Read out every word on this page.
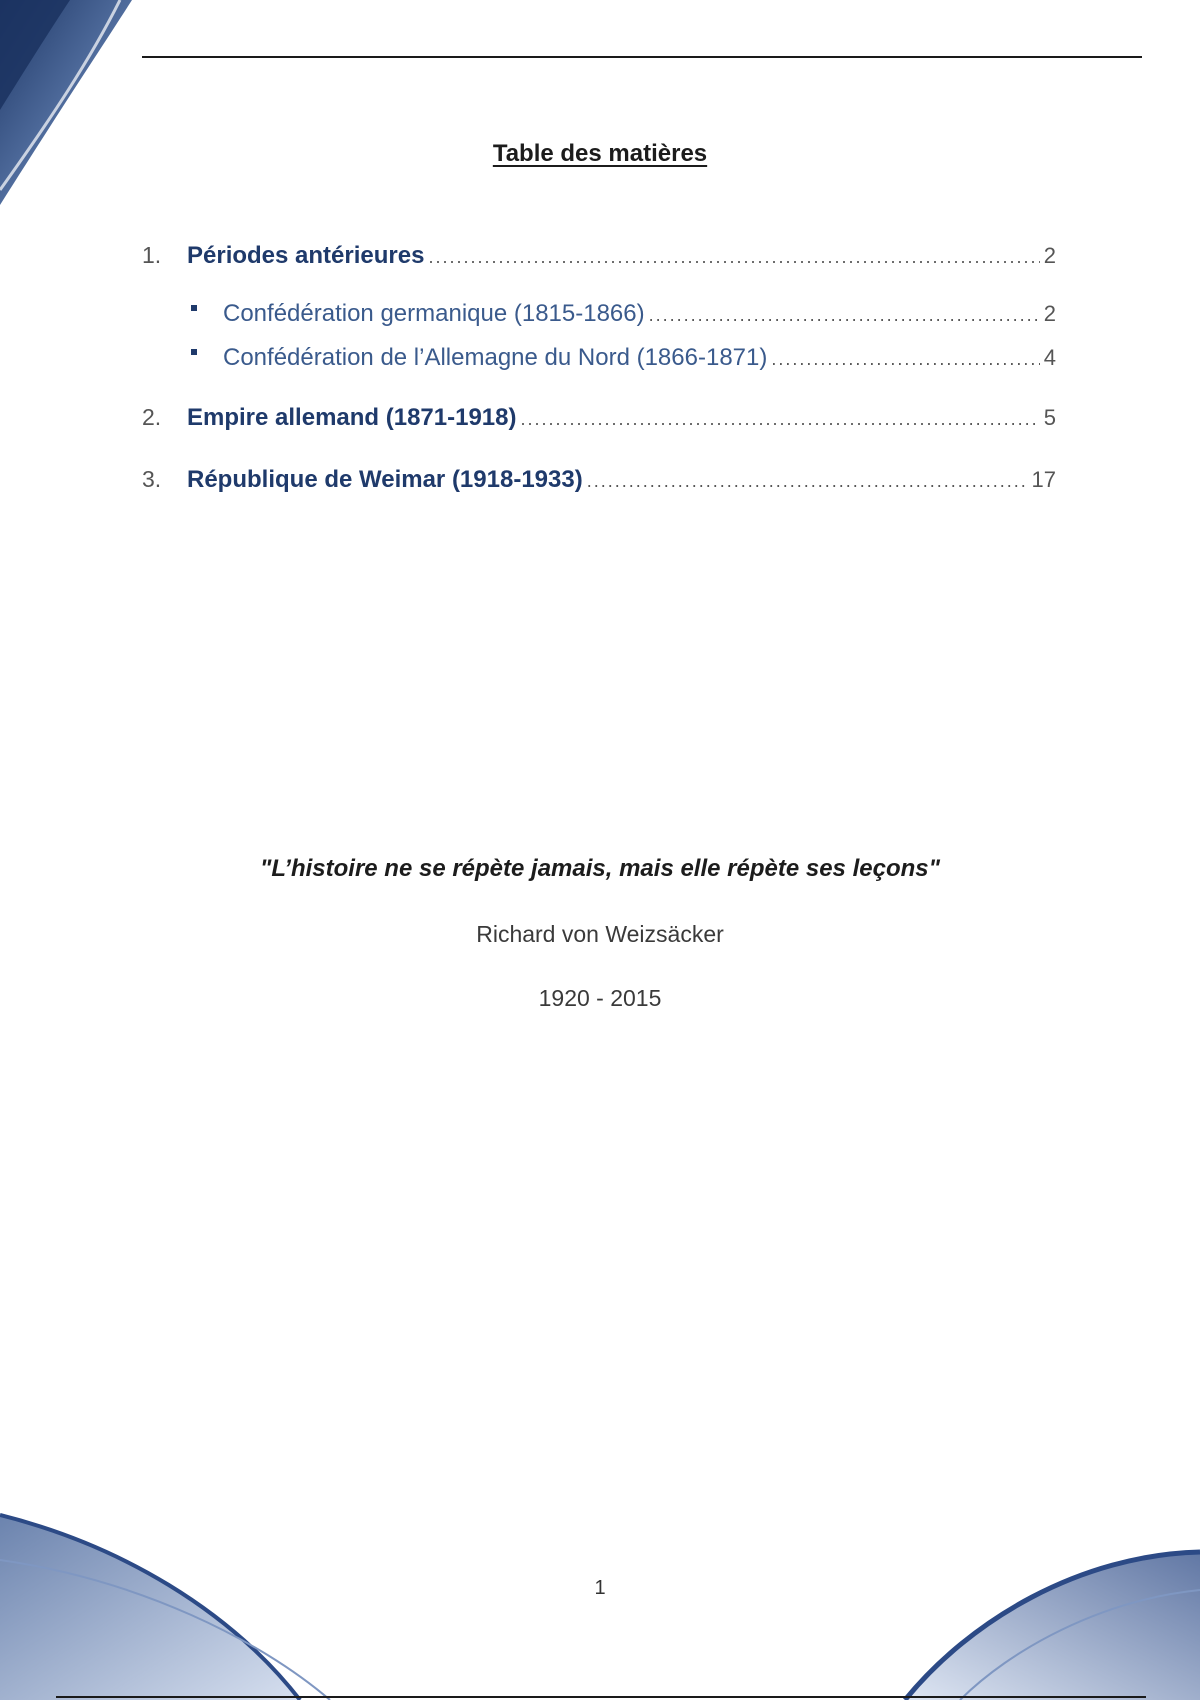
Table des matières
1.	Périodes antérieures .....	2
Confédération germanique (1815-1866) .....	2
Confédération de l’Allemagne du Nord (1866-1871) .....	4
2.	Empire allemand (1871-1918) .....	5
3.	République de Weimar (1918-1933) .....	17
"L’histoire ne se répète jamais, mais elle répète ses leçons"
Richard von Weizsäcker
1920 - 2015
1
